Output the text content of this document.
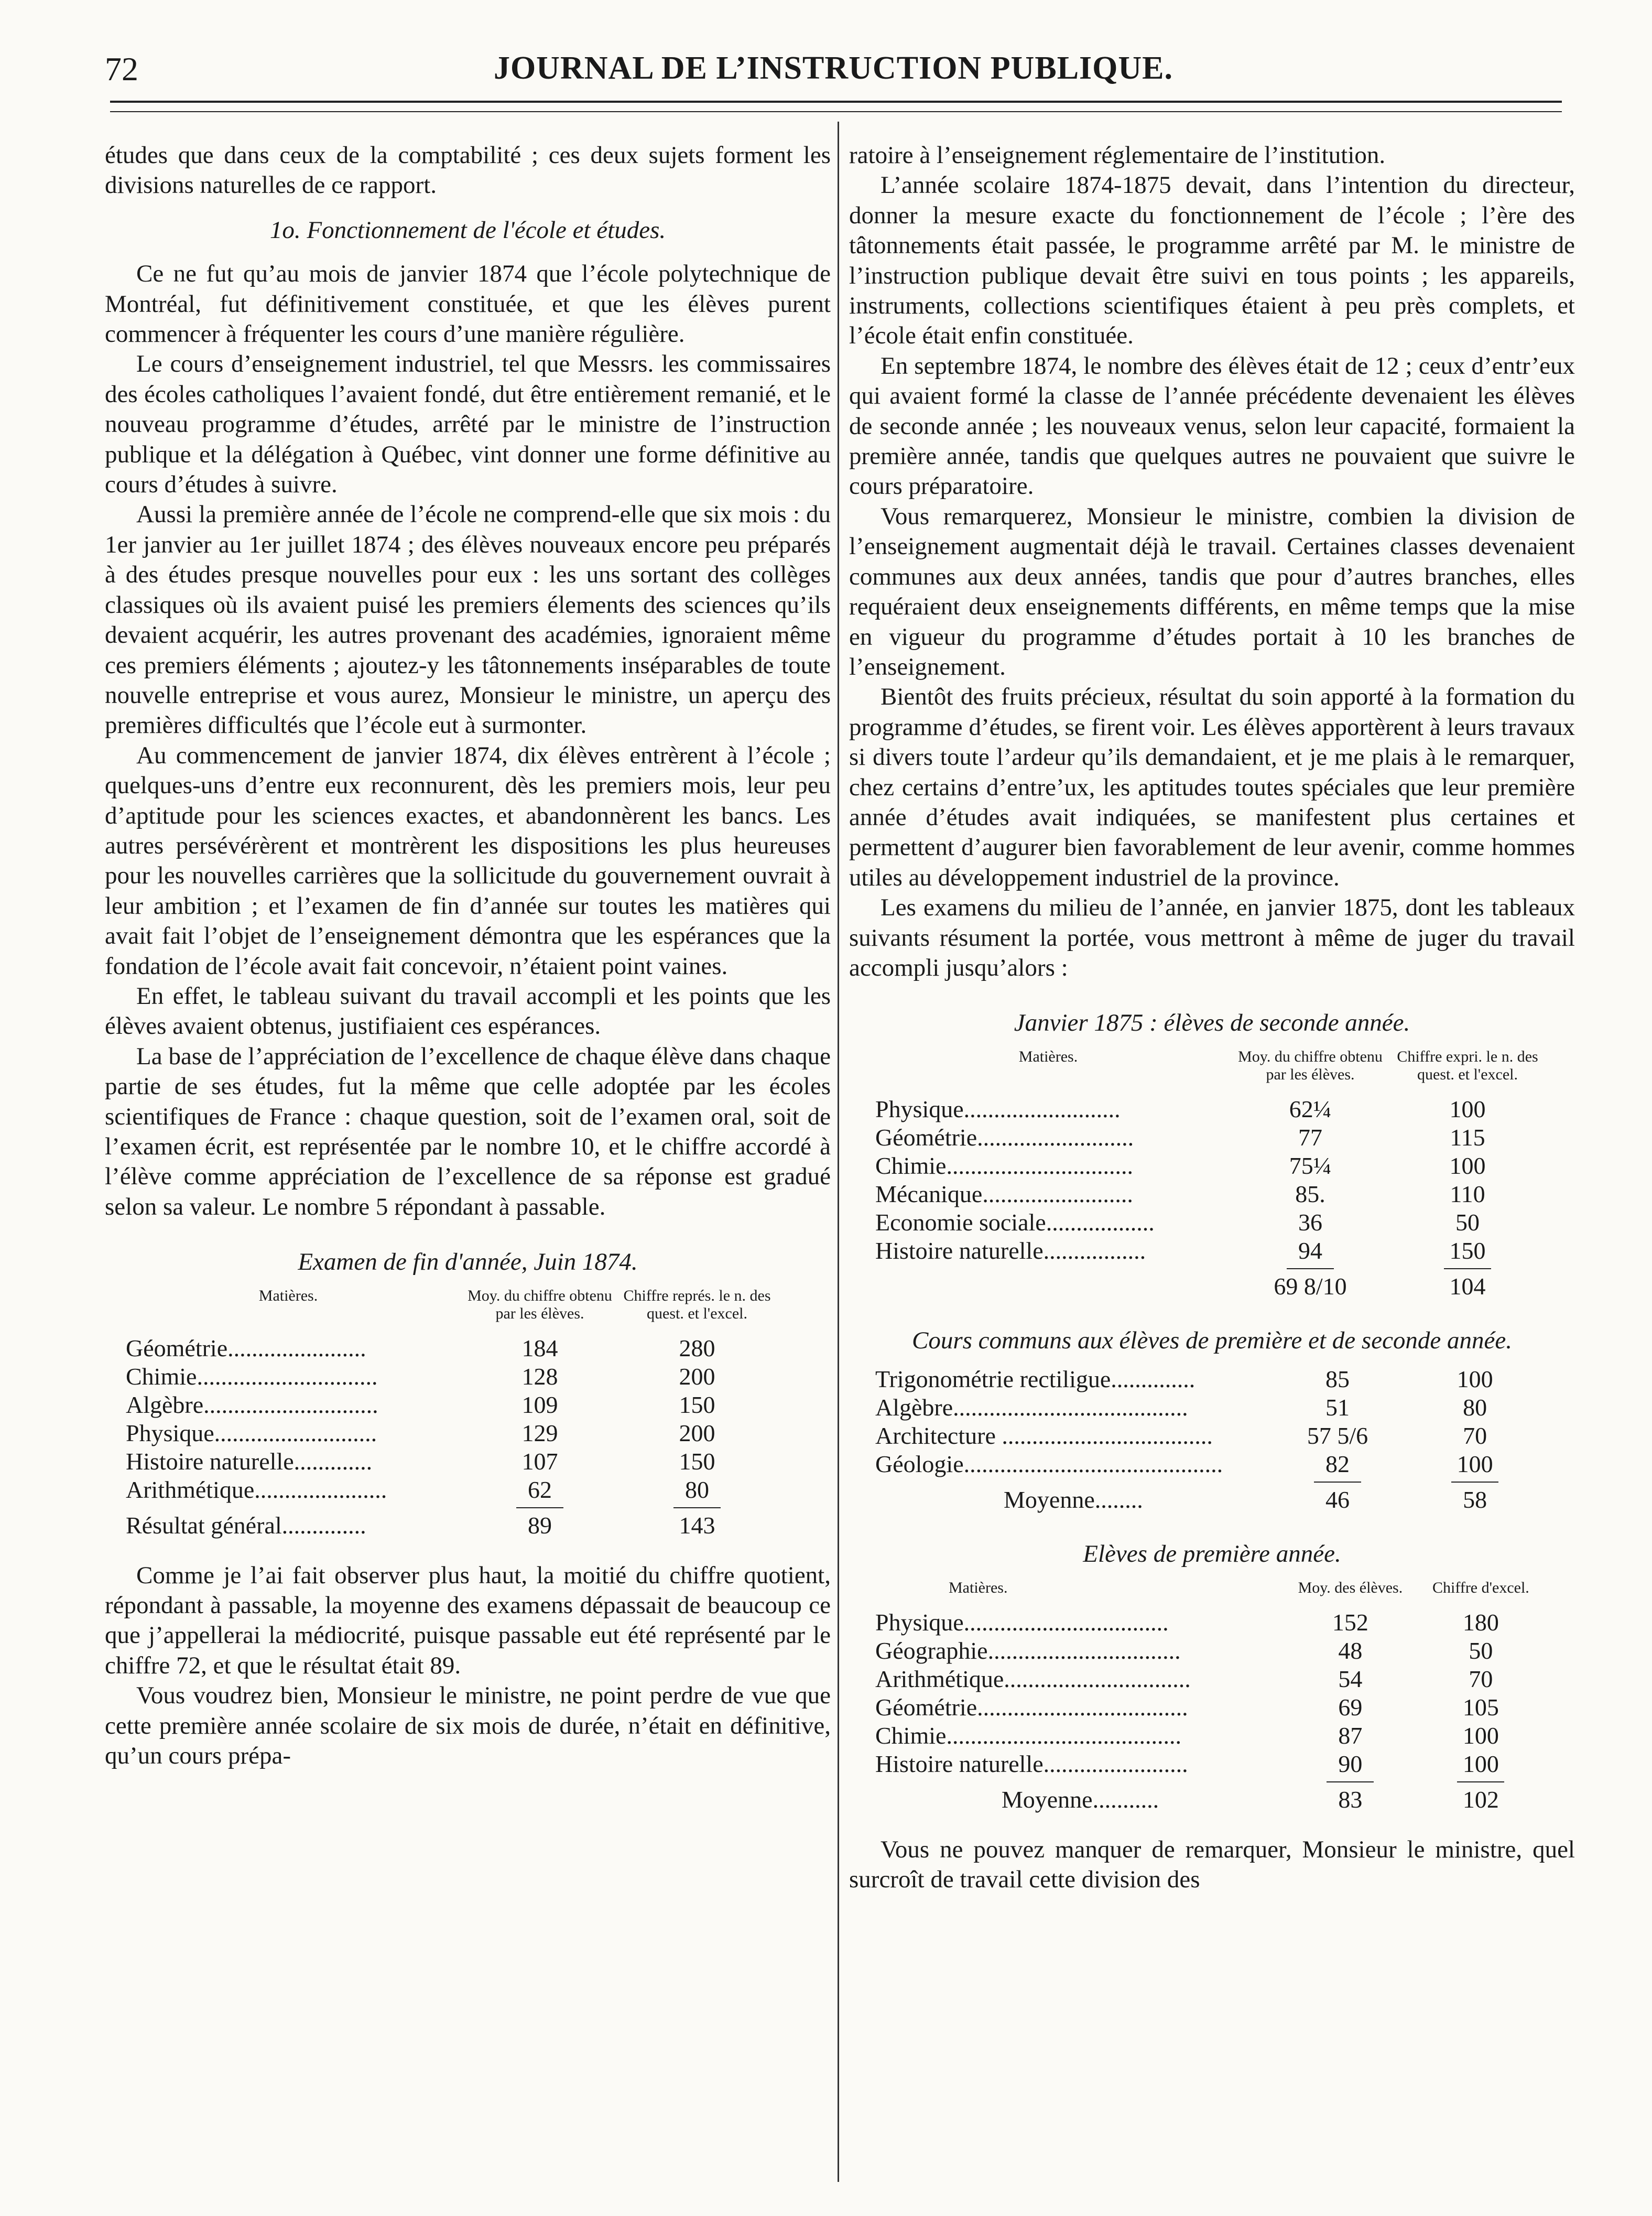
72	JOURNAL DE L’INSTRUCTION PUBLIQUE.

études que dans ceux de la comptabilité ; ces deux sujets forment les divisions naturelles de ce rapport.

1o. Fonctionnement de l'école et études.

Ce ne fut qu’au mois de janvier 1874 que l’école polytechnique de Montréal, fut définitivement constituée, et que les élèves purent commencer à fréquenter les cours d’une manière régulière.

Le cours d’enseignement industriel, tel que Messrs. les commissaires des écoles catholiques l’avaient fondé, dut être entièrement remanié, et le nouveau programme d’études, arrêté par le ministre de l’instruction publique et la délégation à Québec, vint donner une forme définitive au cours d’études à suivre.

Aussi la première année de l’école ne comprend-elle que six mois : du 1er janvier au 1er juillet 1874 ; des élèves nouveaux encore peu préparés à des études presque nouvelles pour eux : les uns sortant des collèges classiques où ils avaient puisé les premiers élements des sciences qu’ils devaient acquérir, les autres provenant des académies, ignoraient même ces premiers éléments ; ajoutez-y les tâtonnements inséparables de toute nouvelle entreprise et vous aurez, Monsieur le ministre, un aperçu des premières difficultés que l’école eut à surmonter.

Au commencement de janvier 1874, dix élèves entrèrent à l’école ; quelques-uns d’entre eux reconnurent, dès les premiers mois, leur peu d’aptitude pour les sciences exactes, et abandonnèrent les bancs. Les autres persévérèrent et montrèrent les dispositions les plus heureuses pour les nouvelles carrières que la sollicitude du gouvernement ouvrait à leur ambition ; et l’examen de fin d’année sur toutes les matières qui avait fait l’objet de l’enseignement démontra que les espérances que la fondation de l’école avait fait concevoir, n’étaient point vaines.

En effet, le tableau suivant du travail accompli et les points que les élèves avaient obtenus, justifiaient ces espérances.

La base de l’appréciation de l’excellence de chaque élève dans chaque partie de ses études, fut la même que celle adoptée par les écoles scientifiques de France : chaque question, soit de l’examen oral, soit de l’examen écrit, est représentée par le nombre 10, et le chiffre accordé à l’élève comme appréciation de l’excellence de sa réponse est gradué selon sa valeur. Le nombre 5 répondant à passable.

Examen de fin d'année, Juin 1874.
Matières.	Moy. du chiffre obtenu par les élèves.	Chiffre représ. le n. des quest. et l'excel.
Géométrie.......................	184	280
Chimie..............................	128	200
Algèbre.............................	109	150
Physique...........................	129	200
Histoire naturelle.............	107	150
Arithmétique......................	62	80

Résultat général..............	89	143

Comme je l’ai fait observer plus haut, la moitié du chiffre quotient, répondant à passable, la moyenne des examens dépassait de beaucoup ce que j’appellerai la médiocrité, puisque passable eut été représenté par le chiffre 72, et que le résultat était 89.

Vous voudrez bien, Monsieur le ministre, ne point perdre de vue que cette première année scolaire de six mois de durée, n’était en définitive, qu’un cours prépa-

ratoire à l’enseignement réglementaire de l’institution.

L’année scolaire 1874-1875 devait, dans l’intention du directeur, donner la mesure exacte du fonctionnement de l’école ; l’ère des tâtonnements était passée, le programme arrêté par M. le ministre de l’instruction publique devait être suivi en tous points ; les appareils, instruments, collections scientifiques étaient à peu près complets, et l’école était enfin constituée.

En septembre 1874, le nombre des élèves était de 12 ; ceux d’entr’eux qui avaient formé la classe de l’année précédente devenaient les élèves de seconde année ; les nouveaux venus, selon leur capacité, formaient la première année, tandis que quelques autres ne pouvaient que suivre le cours préparatoire.

Vous remarquerez, Monsieur le ministre, combien la division de l’enseignement augmentait déjà le travail. Certaines classes devenaient communes aux deux années, tandis que pour d’autres branches, elles requéraient deux enseignements différents, en même temps que la mise en vigueur du programme d’études portait à 10 les branches de l’enseignement.

Bientôt des fruits précieux, résultat du soin apporté à la formation du programme d’études, se firent voir. Les élèves apportèrent à leurs travaux si divers toute l’ardeur qu’ils demandaient, et je me plais à le remarquer, chez certains d’entre’ux, les aptitudes toutes spéciales que leur première année d’études avait indiquées, se manifestent plus certaines et permettent d’augurer bien favorablement de leur avenir, comme hommes utiles au développement industriel de la province.

Les examens du milieu de l’année, en janvier 1875, dont les tableaux suivants résument la portée, vous mettront à même de juger du travail accompli jusqu’alors :

Janvier 1875 : élèves de seconde année.
Matières.	Moy. du chiffre obtenu par les élèves.	Chiffre expri. le n. des quest. et l'excel.
Physique..........................	62¼	100
Géométrie..........................	77	115
Chimie...............................	75¼	100
Mécanique.........................	85.	110
Economie sociale..................	36	50
Histoire naturelle.................	94	150

	69 8/10	104
Cours communs aux élèves de première et de seconde année.
Trigonométrie rectiligue..............	85	100
Algèbre.......................................	51	80
Architecture ...................................	57 5/6	70
Géologie...........................................	82	100

Moyenne........	46	58
Elèves de première année.
Matières.	Moy. des élèves.	Chiffre d'excel.
Physique..................................	152	180
Géographie................................	48	50
Arithmétique...............................	54	70
Géométrie...................................	69	105
Chimie.......................................	87	100
Histoire naturelle........................	90	100

Moyenne...........	83	102

Vous ne pouvez manquer de remarquer, Monsieur le ministre, quel surcroît de travail cette division des
